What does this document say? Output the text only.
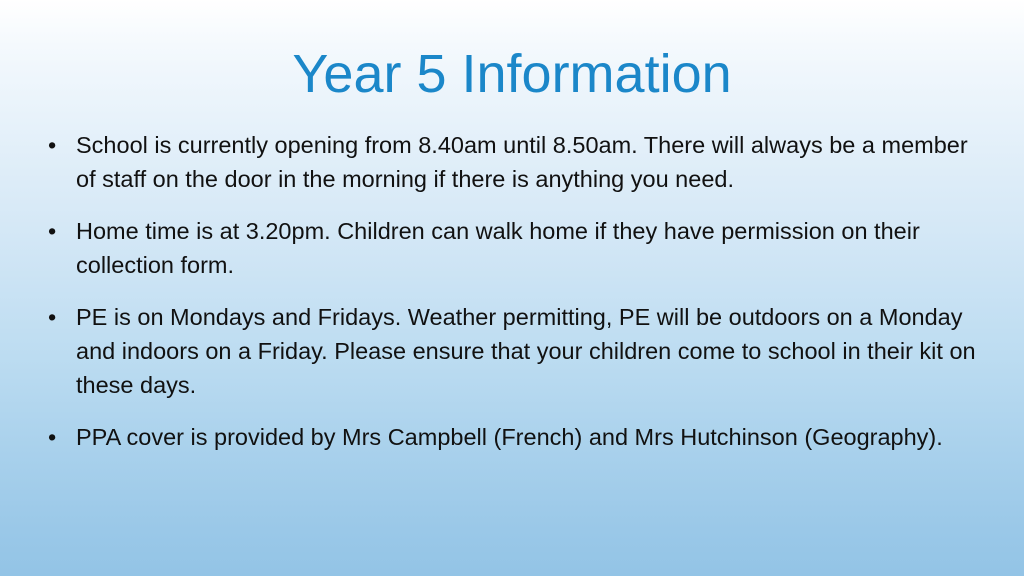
Year 5 Information
• School is currently opening from 8.40am until 8.50am. There will always be a member of staff on the door in the morning if there is anything you need.
• Home time is at 3.20pm. Children can walk home if they have permission on their collection form.
• PE is on Mondays and Fridays. Weather permitting, PE will be outdoors on a Monday and indoors on a Friday. Please ensure that your children come to school in their kit on these days.
• PPA cover is provided by Mrs Campbell (French) and Mrs Hutchinson (Geography).
